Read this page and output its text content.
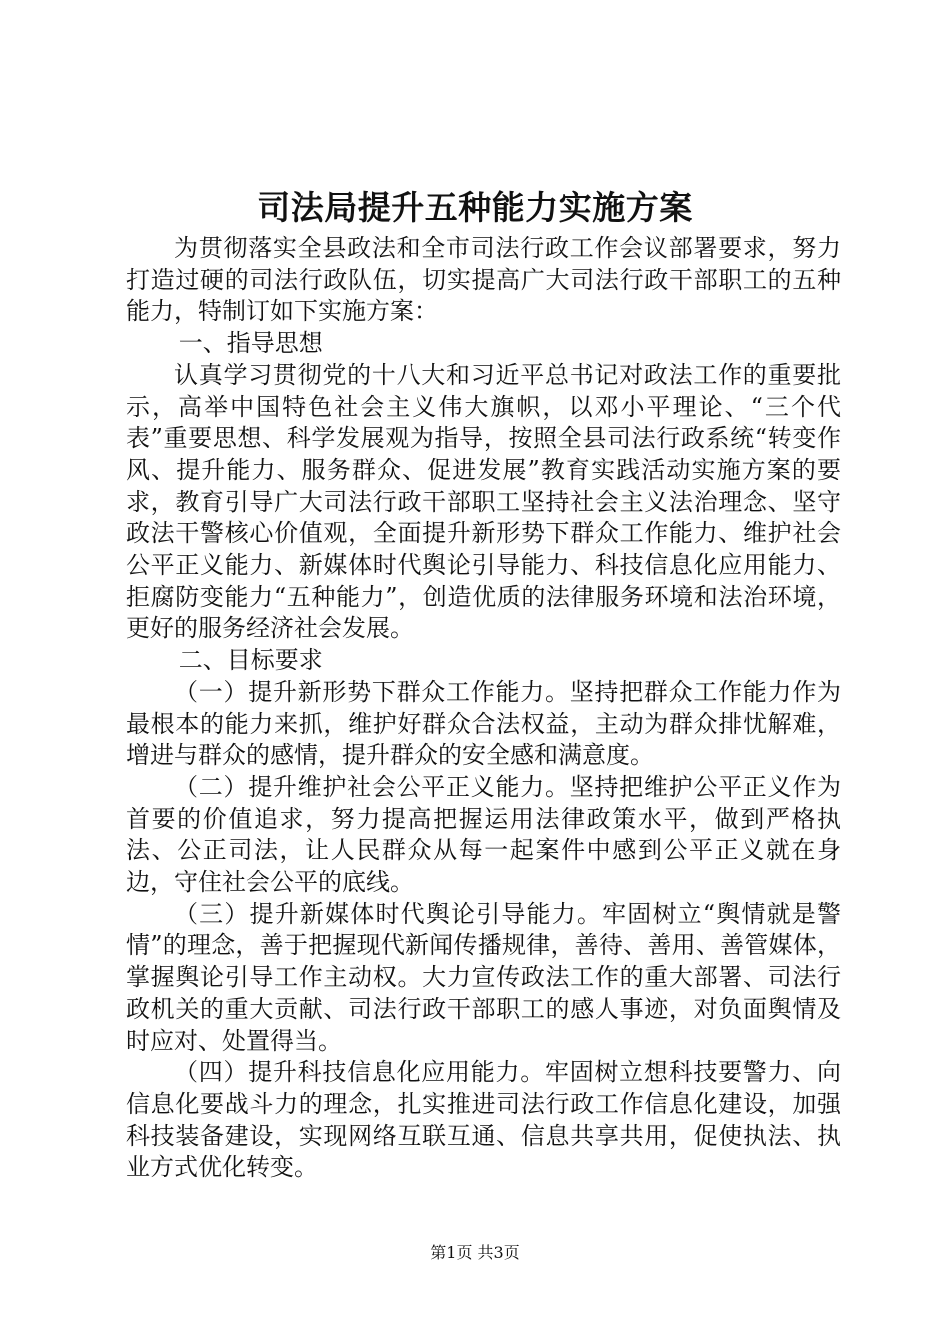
司法局提升五种能力实施方案

为贯彻落实全县政法和全市司法行政工作会议部署要求，努力打造过硬的司法行政队伍，切实提高广大司法行政干部职工的五种能力，特制订如下实施方案：

一、指导思想

认真学习贯彻党的十八大和习近平总书记对政法工作的重要批示，高举中国特色社会主义伟大旗帜，以邓小平理论、“三个代表”重要思想、科学发展观为指导，按照全县司法行政系统“转变作风、提升能力、服务群众、促进发展”教育实践活动实施方案的要求，教育引导广大司法行政干部职工坚持社会主义法治理念、坚守政法干警核心价值观，全面提升新形势下群众工作能力、维护社会公平正义能力、新媒体时代舆论引导能力、科技信息化应用能力、拒腐防变能力“五种能力”，创造优质的法律服务环境和法治环境，更好的服务经济社会发展。

二、目标要求

（一）提升新形势下群众工作能力。坚持把群众工作能力作为最根本的能力来抓，维护好群众合法权益，主动为群众排忧解难，增进与群众的感情，提升群众的安全感和满意度。

（二）提升维护社会公平正义能力。坚持把维护公平正义作为首要的价值追求，努力提高把握运用法律政策水平，做到严格执法、公正司法，让人民群众从每一起案件中感到公平正义就在身边，守住社会公平的底线。

（三）提升新媒体时代舆论引导能力。牢固树立“舆情就是警情”的理念，善于把握现代新闻传播规律，善待、善用、善管媒体，掌握舆论引导工作主动权。大力宣传政法工作的重大部署、司法行政机关的重大贡献、司法行政干部职工的感人事迹，对负面舆情及时应对、处置得当。

（四）提升科技信息化应用能力。牢固树立想科技要警力、向信息化要战斗力的理念，扎实推进司法行政工作信息化建设，加强科技装备建设，实现网络互联互通、信息共享共用，促使执法、执业方式优化转变。

第1页 共3页
